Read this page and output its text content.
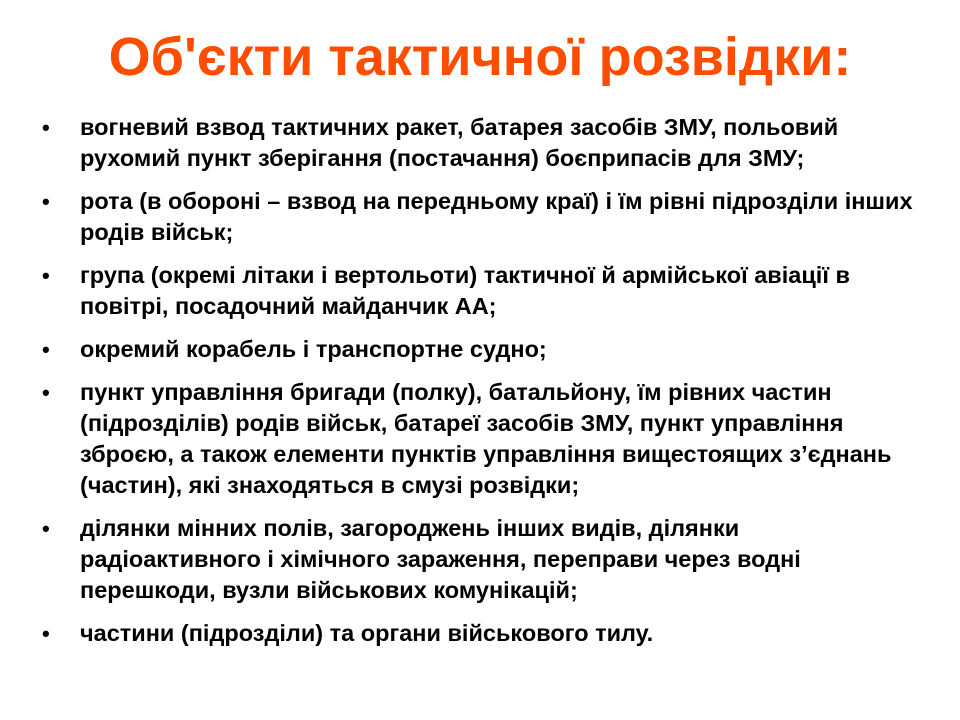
Об'єкти тактичної розвідки:
• вогневий взвод тактичних ракет, батарея засобів ЗМУ, польовий рухомий пункт зберігання (постачання) боєприпасів для ЗМУ;
• рота (в обороні – взвод на передньому краї) і їм рівні підрозділи інших родів військ;
• група (окремі літаки і вертольоти) тактичної й армійської авіації в повітрі, посадочний майданчик АА;
• окремий корабель і транспортне судно;
• пункт управління бригади (полку), батальйону, їм рівних частин (підрозділів) родів військ, батареї засобів ЗМУ, пункт управління зброєю, а також елементи пунктів управління вищестоящих з’єднань (частин), які знаходяться в смузі розвідки;
• ділянки мінних полів, загороджень інших видів, ділянки радіоактивного і хімічного зараження, переправи через водні перешкоди, вузли військових комунікацій;
• частини (підрозділи) та органи військового тилу.
